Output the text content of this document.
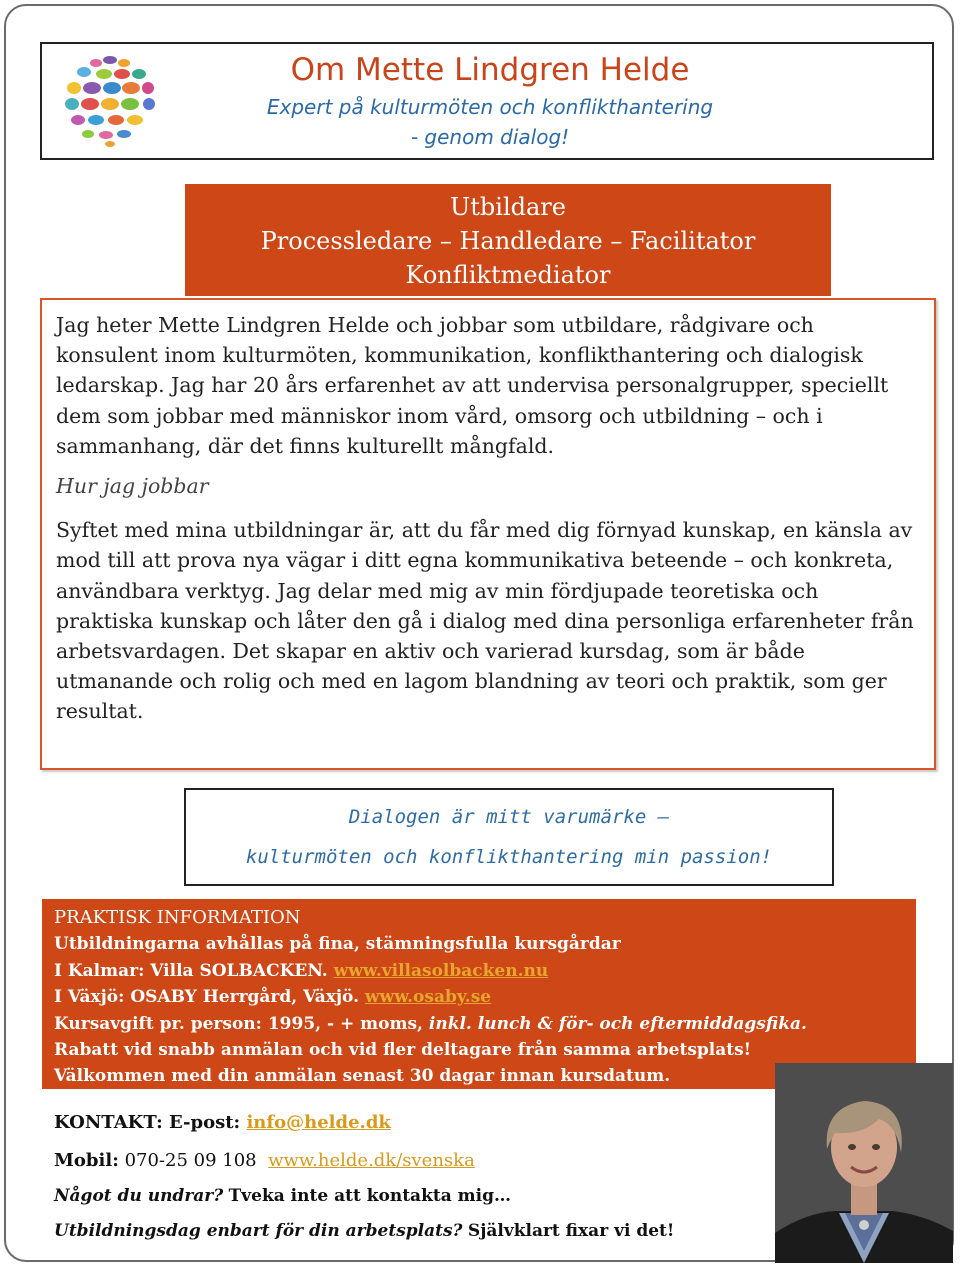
Om Mette Lindgren Helde
Expert på kulturmöten och konflikthantering
- genom dialog!
Utbildare
Processledare – Handledare – Facilitator
Konfliktmediator

Jag heter Mette Lindgren Helde och jobbar som utbildare, rådgivare och konsulent inom kulturmöten, kommunikation, konflikthantering och dialogisk ledarskap. Jag har 20 års erfarenhet av att undervisa personalgrupper, speciellt dem som jobbar med människor inom vård, omsorg och utbildning – och i sammanhang, där det finns kulturellt mångfald.

Hur jag jobbar

Syftet med mina utbildningar är, att du får med dig förnyad kunskap, en känsla av mod till att prova nya vägar i ditt egna kommunikativa beteende – och konkreta, användbara verktyg. Jag delar med mig av min fördjupade teoretiska och praktiska kunskap och låter den gå i dialog med dina personliga erfarenheter från arbetsvardagen. Det skapar en aktiv och varierad kursdag, som är både utmanande och rolig och med en lagom blandning av teori och praktik, som ger resultat.

Dialogen är mitt varumärke –
kulturmöten och konflikthantering min passion!
PRAKTISK INFORMATION
Utbildningarna avhållas på fina, stämningsfulla kursgårdar
I Kalmar: Villa SOLBACKEN. www.villasolbacken.nu
I Växjö: OSABY Herrgård, Växjö. www.osaby.se
Kursavgift pr. person: 1995, - + moms, inkl. lunch & för- och eftermiddagsfika.
Rabatt vid snabb anmälan och vid fler deltagare från samma arbetsplats!
Välkommen med din anmälan senast 30 dagar innan kursdatum.
KONTAKT: E-post: info@helde.dk
Mobil: 070-25 09 108 www.helde.dk/svenska
Något du undrar? Tveka inte att kontakta mig…
Utbildningsdag enbart för din arbetsplats? Självklart fixar vi det!
